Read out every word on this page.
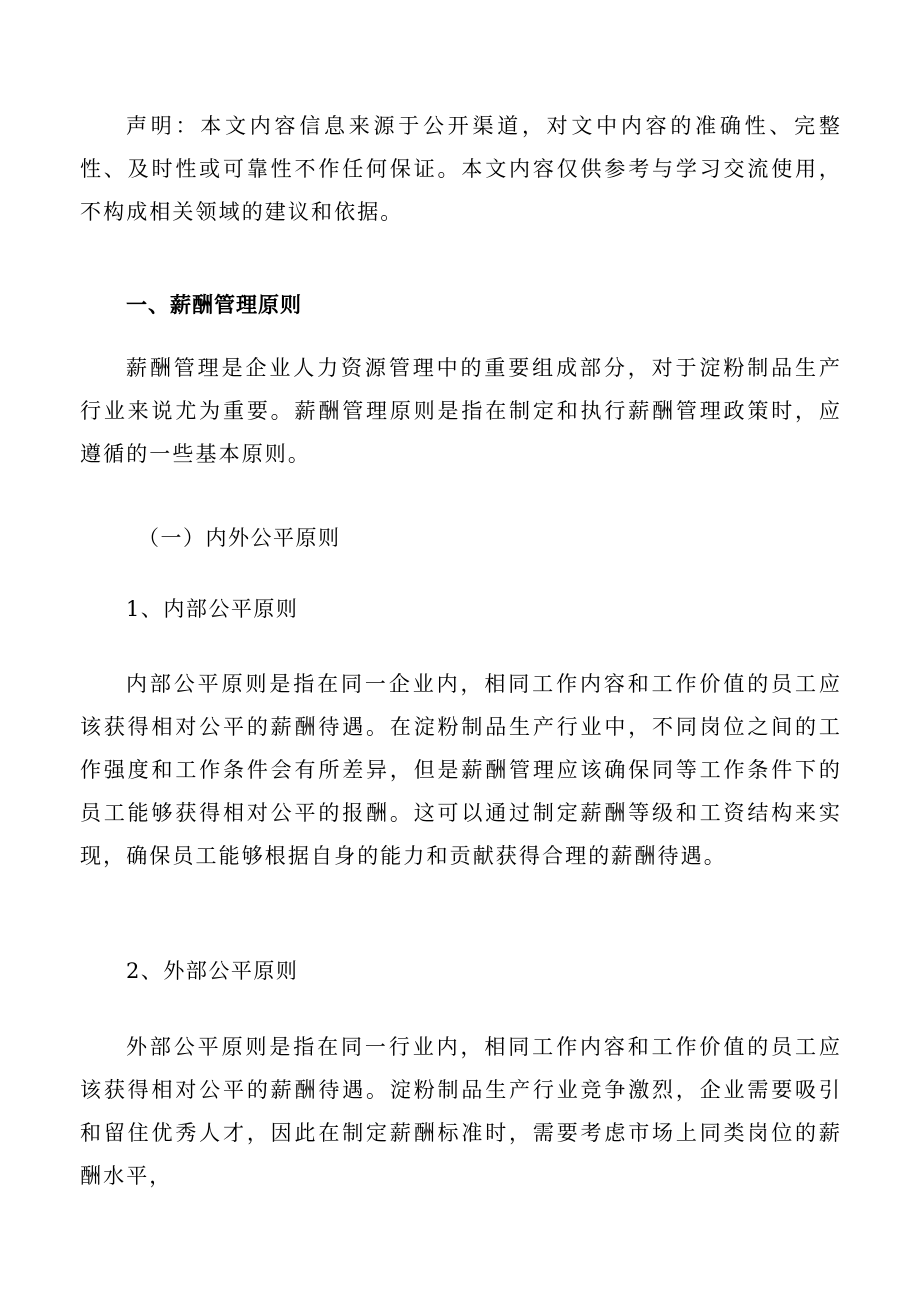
声明：本文内容信息来源于公开渠道，对文中内容的准确性、完整性、及时性或可靠性不作任何保证。本文内容仅供参考与学习交流使用，不构成相关领域的建议和依据。

一、薪酬管理原则

薪酬管理是企业人力资源管理中的重要组成部分，对于淀粉制品生产行业来说尤为重要。薪酬管理原则是指在制定和执行薪酬管理政策时，应遵循的一些基本原则。

（一）内外公平原则

1、内部公平原则

内部公平原则是指在同一企业内，相同工作内容和工作价值的员工应该获得相对公平的薪酬待遇。在淀粉制品生产行业中，不同岗位之间的工作强度和工作条件会有所差异，但是薪酬管理应该确保同等工作条件下的员工能够获得相对公平的报酬。这可以通过制定薪酬等级和工资结构来实现，确保员工能够根据自身的能力和贡献获得合理的薪酬待遇。

2、外部公平原则

外部公平原则是指在同一行业内，相同工作内容和工作价值的员工应该获得相对公平的薪酬待遇。淀粉制品生产行业竞争激烈，企业需要吸引和留住优秀人才，因此在制定薪酬标准时，需要考虑市场上同类岗位的薪酬水平，
